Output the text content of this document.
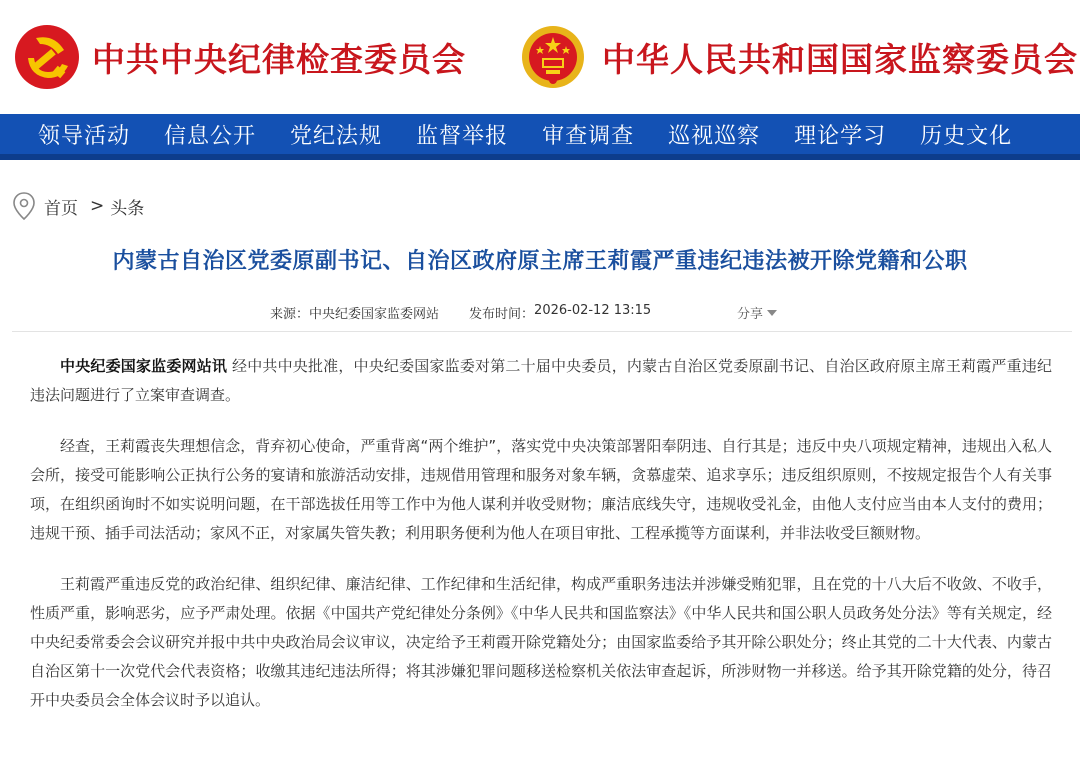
中共中央纪律检查委员会	中华人民共和国国家监察委员会
领导活动 信息公开 党纪法规 监督举报 审查调查 巡视巡察 理论学习 历史文化
首页 > 头条
内蒙古自治区党委原副书记、自治区政府原主席王莉霞严重违纪违法被开除党籍和公职
来源： 中央纪委国家监委网站 发布时间： 2026-02-12 13:15	分享

中央纪委国家监委网站讯 经中共中央批准，中央纪委国家监委对第二十届中央委员，内蒙古自治区党委原副书记、自治区政府原主席王莉霞严重违纪违法问题进行了立案审查调查。

经查，王莉霞丧失理想信念，背弃初心使命，严重背离“两个维护”，落实党中央决策部署阳奉阴违、自行其是；违反中央八项规定精神，违规出入私人会所，接受可能影响公正执行公务的宴请和旅游活动安排，违规借用管理和服务对象车辆，贪慕虚荣、追求享乐；违反组织原则，不按规定报告个人有关事项，在组织函询时不如实说明问题，在干部选拔任用等工作中为他人谋利并收受财物；廉洁底线失守，违规收受礼金，由他人支付应当由本人支付的费用；违规干预、插手司法活动；家风不正，对家属失管失教；利用职务便利为他人在项目审批、工程承揽等方面谋利，并非法收受巨额财物。

王莉霞严重违反党的政治纪律、组织纪律、廉洁纪律、工作纪律和生活纪律，构成严重职务违法并涉嫌受贿犯罪，且在党的十八大后不收敛、不收手，性质严重，影响恶劣，应予严肃处理。依据《中国共产党纪律处分条例》《中华人民共和国监察法》《中华人民共和国公职人员政务处分法》等有关规定，经中央纪委常委会会议研究并报中共中央政治局会议审议，决定给予王莉霞开除党籍处分；由国家监委给予其开除公职处分；终止其党的二十大代表、内蒙古自治区第十一次党代会代表资格；收缴其违纪违法所得；将其涉嫌犯罪问题移送检察机关依法审查起诉，所涉财物一并移送。给予其开除党籍的处分，待召开中央委员会全体会议时予以追认。
